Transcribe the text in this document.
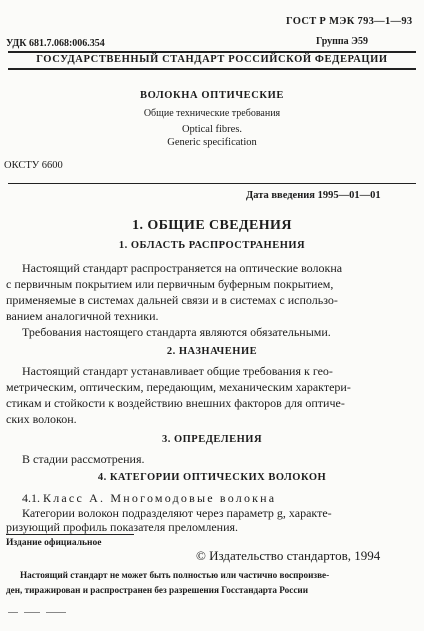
ГОСТ Р МЭК 793—1—93
УДК 681.7.068:006.354	Группа Э59
ГОСУДАРСТВЕННЫЙ СТАНДАРТ РОССИЙСКОЙ ФЕДЕРАЦИИ
ВОЛОКНА ОПТИЧЕСКИЕ
Общие технические требования
Optical fibres.
Generic specification
ОКСТУ 6600
Дата введения 1995—01—01
1. ОБЩИЕ СВЕДЕНИЯ
1. ОБЛАСТЬ РАСПРОСТРАНЕНИЯ
Настоящий стандарт распространяется на оптические волокна
с первичным покрытием или первичным буферным покрытием,
применяемые в системах дальней связи и в системах с использо-
ванием аналогичной техники.
Требования настоящего стандарта являются обязательными.
2. НАЗНАЧЕНИЕ
Настоящий стандарт устанавливает общие требования к гео-
метрическим, оптическим, передающим, механическим характери-
стикам и стойкости к воздействию внешних факторов для оптиче-
ских волокон.
3. ОПРЕДЕЛЕНИЯ
В стадии рассмотрения.
4. КАТЕГОРИИ ОПТИЧЕСКИХ ВОЛОКОН
4.1. Класс А. Многомодовые волокна
Категории волокон подразделяют через параметр g, характе-
ризующий профиль показателя преломления.
Издание официальное
© Издательство стандартов, 1994
Настоящий стандарт не может быть полностью или частично воспроизве-
ден, тиражирован и распространен без разрешения Госстандарта России
